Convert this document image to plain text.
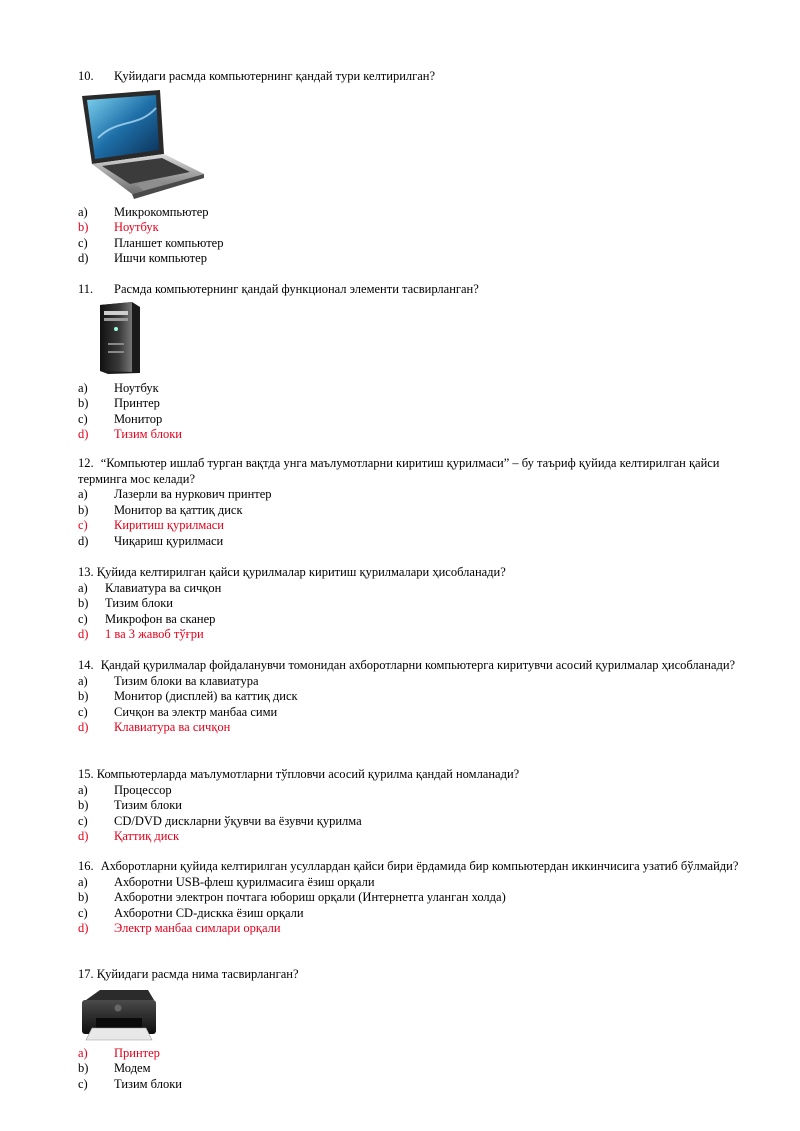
10. Қуйидаги расмда компьютернинг қандай тури келтирилган?
a) Микрокомпьютер
b) Ноутбук
c) Планшет компьютер
d) Ишчи компьютер
11. Расмда компьютернинг қандай функционал элементи тасвирланган?
a) Ноутбук
b) Принтер
c) Монитор
d) Тизим блоки
12. “Компьютер ишлаб турган вақтда унга маълумотларни киритиш қурилмаси” – бу таъриф қуйида келтирилган қайси терминга мос келади?
a) Лазерли ва нуркович принтер
b) Монитор ва қаттиқ диск
c) Киритиш қурилмаси
d) Чиқариш қурилмаси
13. Қуйида келтирилган қайси қурилмалар киритиш қурилмалари ҳисобланади?
a) Клавиатура ва сичқон
b) Тизим блоки
c) Микрофон ва сканер
d) 1 ва 3 жавоб тўғри
14. Қандай қурилмалар фойдаланувчи томонидан ахборотларни компьютерга киритувчи асосий қурилмалар ҳисобланади?
a) Тизим блоки ва клавиатура
b) Монитор (дисплей) ва каттиқ диск
c) Сичқон ва электр манбаа сими
d) Клавиатура ва сичқон
15. Компьютерларда маълумотларни тўпловчи асосий қурилма қандай номланади?
a) Процессор
b) Тизим блоки
c) CD/DVD дискларни ўқувчи ва ёзувчи қурилма
d) Қаттиқ диск
16. Ахборотларни қуйида келтирилган усуллардан қайси бири ёрдамида бир компьютердан иккинчисига узатиб бўлмайди?
a) Ахборотни USB-флеш қурилмасига ёзиш орқали
b) Ахборотни электрон почтага юбориш орқали (Интернетга уланган холда)
c) Ахборотни CD-дискка ёзиш орқали
d) Электр манбаа симлари орқали
17. Қуйидаги расмда нима тасвирланган?
a) Принтер
b) Модем
c) Тизим блоки
